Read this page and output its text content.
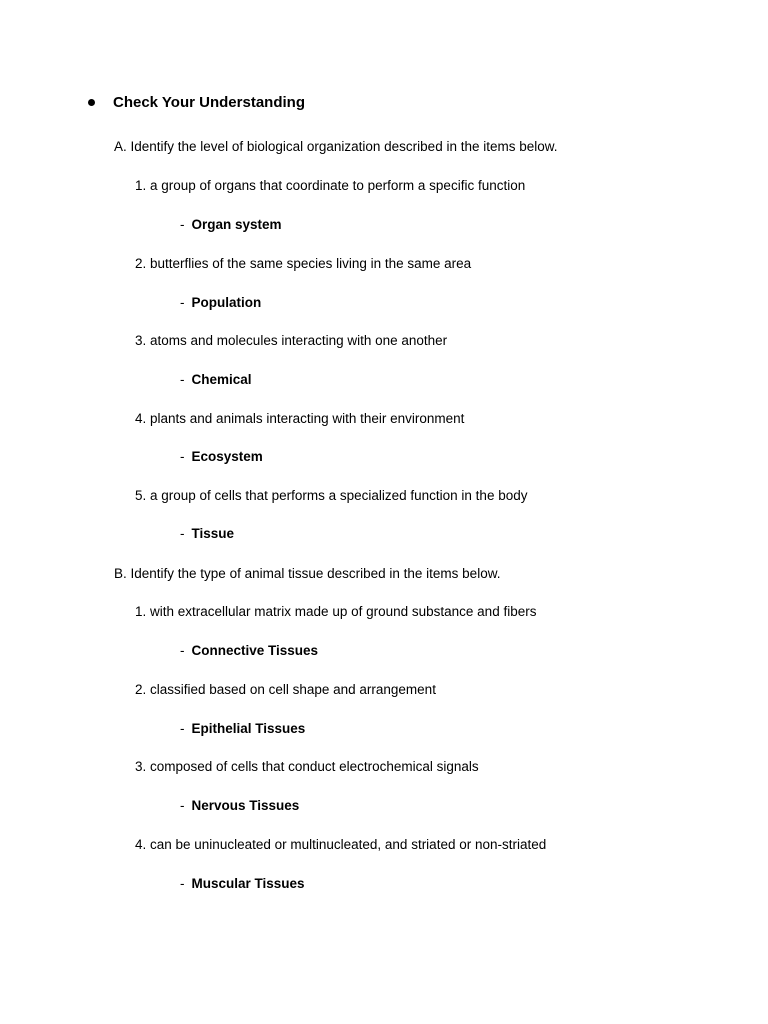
Check Your Understanding
A. Identify the level of biological organization described in the items below.
1. a group of organs that coordinate to perform a specific function
- Organ system
2. butterflies of the same species living in the same area
- Population
3. atoms and molecules interacting with one another
- Chemical
4. plants and animals interacting with their environment
- Ecosystem
5. a group of cells that performs a specialized function in the body
- Tissue
B. Identify the type of animal tissue described in the items below.
1. with extracellular matrix made up of ground substance and fibers
- Connective Tissues
2. classified based on cell shape and arrangement
- Epithelial Tissues
3. composed of cells that conduct electrochemical signals
- Nervous Tissues
4. can be uninucleated or multinucleated, and striated or non-striated
- Muscular Tissues
